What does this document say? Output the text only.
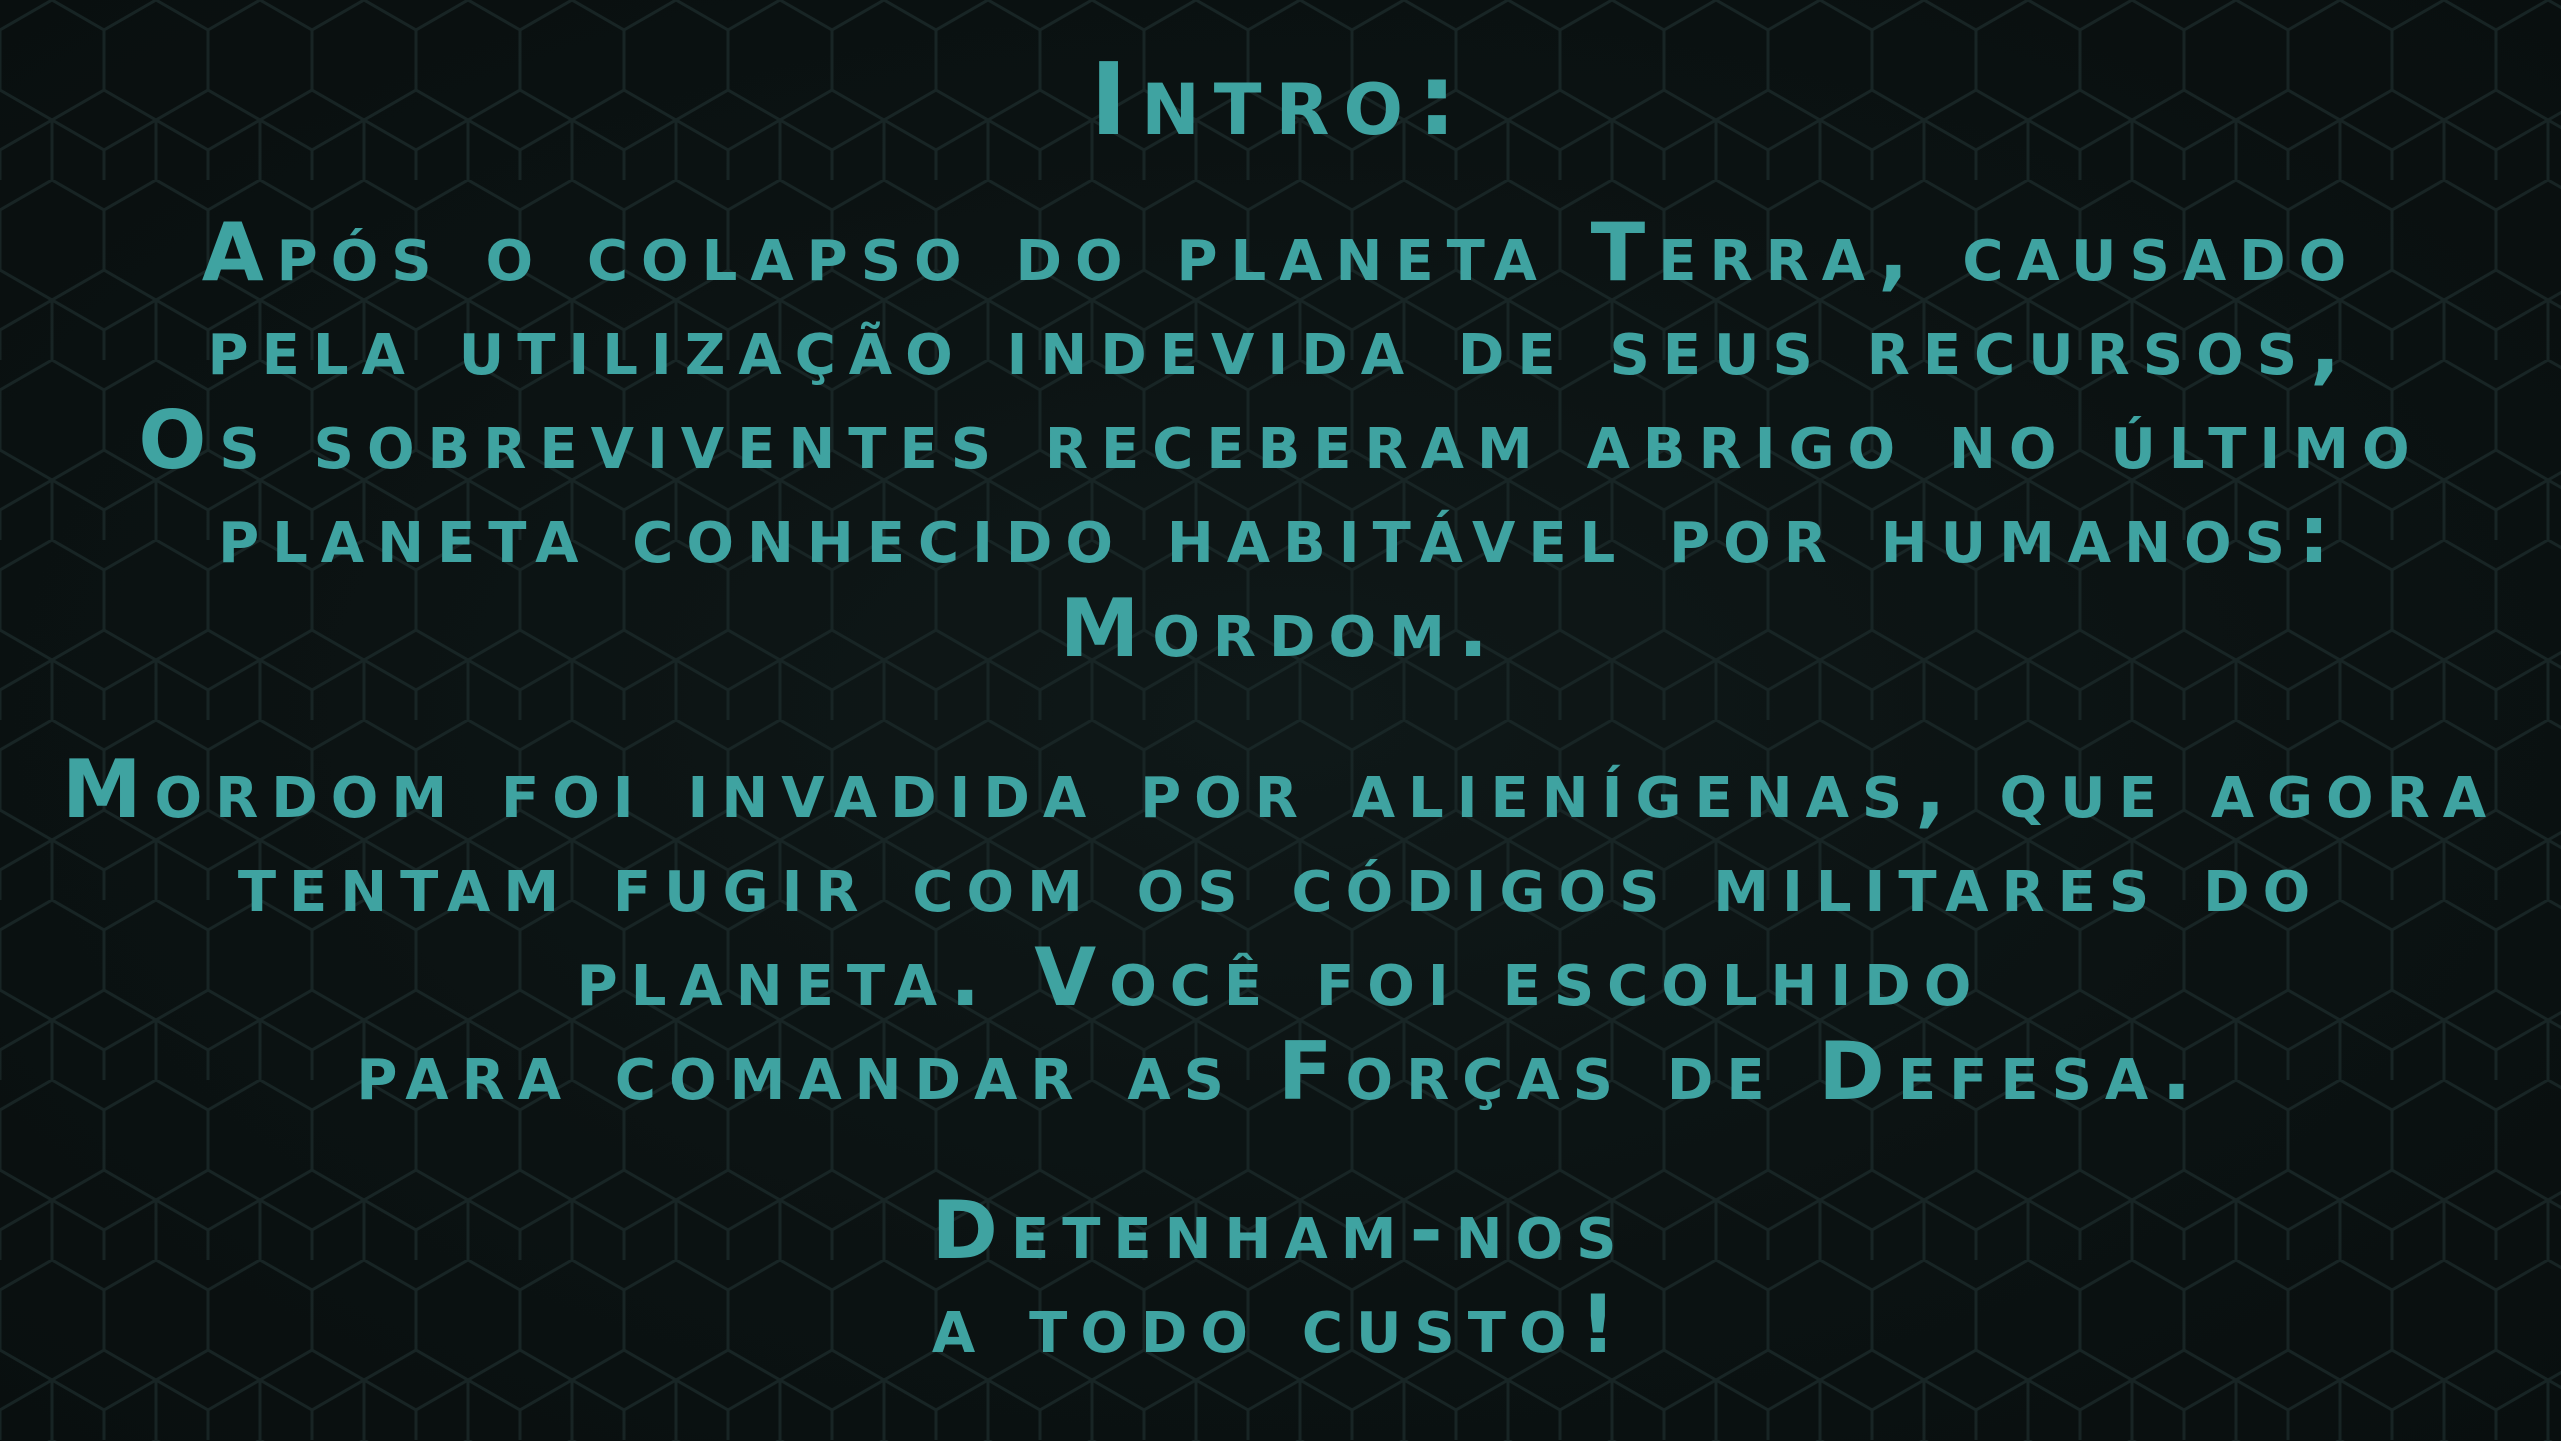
Intro:

Após o colapso do planeta Terra, causado

pela utilização indevida de seus recursos,

Os sobreviventes receberam abrigo no último

planeta conhecido habitável por humanos:

Mordom.

Mordom foi invadida por alienígenas, que agora

tentam fugir com os códigos militares do

planeta. Você foi escolhido

para comandar as Forças de Defesa.

Detenham-nos

a todo custo!
